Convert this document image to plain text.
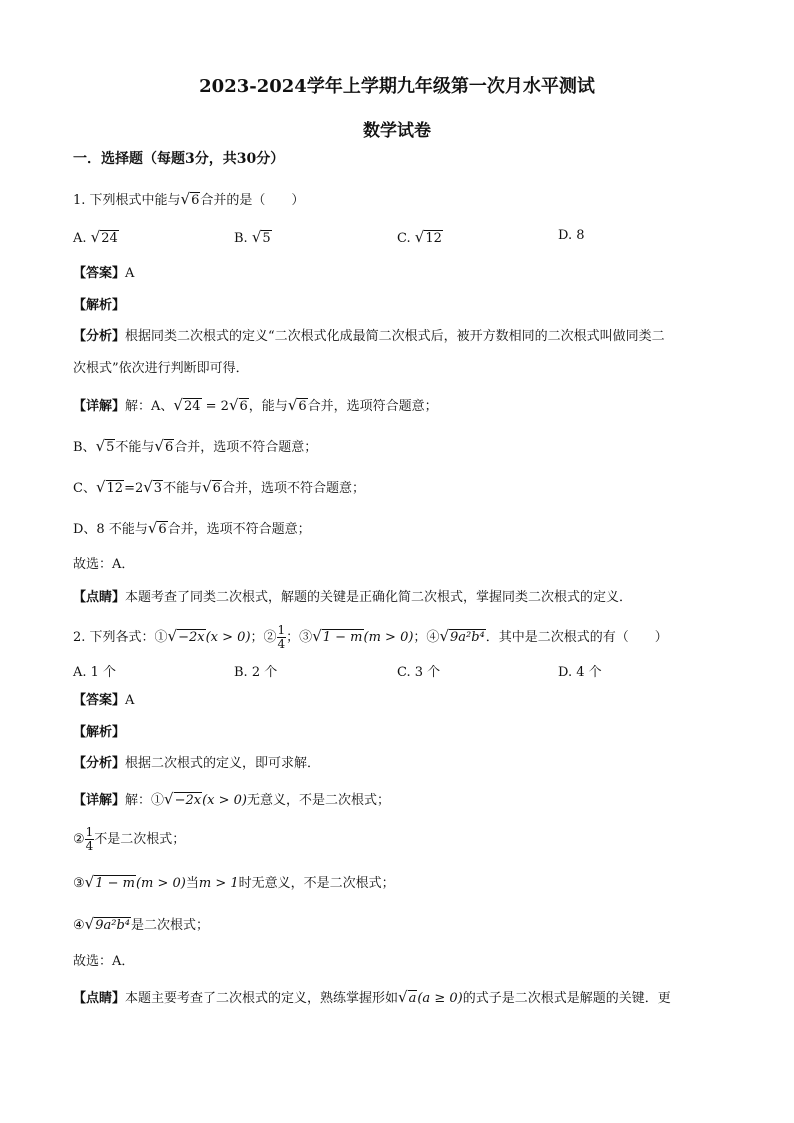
2023-2024学年上学期九年级第一次月水平测试
数学试卷
一．选择题（每题3分，共30分）
1. 下列根式中能与√6合并的是（　　）
A. √24	B. √5	C. √12	D. 8
【答案】A
【解析】
【分析】根据同类二次根式的定义“二次根式化成最简二次根式后，被开方数相同的二次根式叫做同类二
次根式”依次进行判断即可得．
【详解】解：A、√24 = 2√6，能与√6合并，选项符合题意；
B、√5不能与√6合并，选项不符合题意；
C、√12=2√3不能与√6合并，选项不符合题意；
D、8 不能与√6合并，选项不符合题意；
故选：A．
【点睛】本题考查了同类二次根式，解题的关键是正确化简二次根式，掌握同类二次根式的定义．
2. 下列各式：①√−2x(x > 0)；② $\frac{1}{4}$ ；③√1 − m(m > 0)；④√9a²b⁴．其中是二次根式的有（　　）
A. 1 个	B. 2 个	C. 3 个	D. 4 个
【答案】A
【解析】
【分析】根据二次根式的定义，即可求解．
【详解】解：①√−2x(x > 0)无意义，不是二次根式；
② $\frac{1}{4}$ 不是二次根式；
③√1 − m(m > 0)当m > 1时无意义，不是二次根式；
④√9a²b⁴是二次根式；
故选：A．
【点睛】本题主要考查了二次根式的定义，熟练掌握形如√a(a ≥ 0)的式子是二次根式是解题的关键．更
